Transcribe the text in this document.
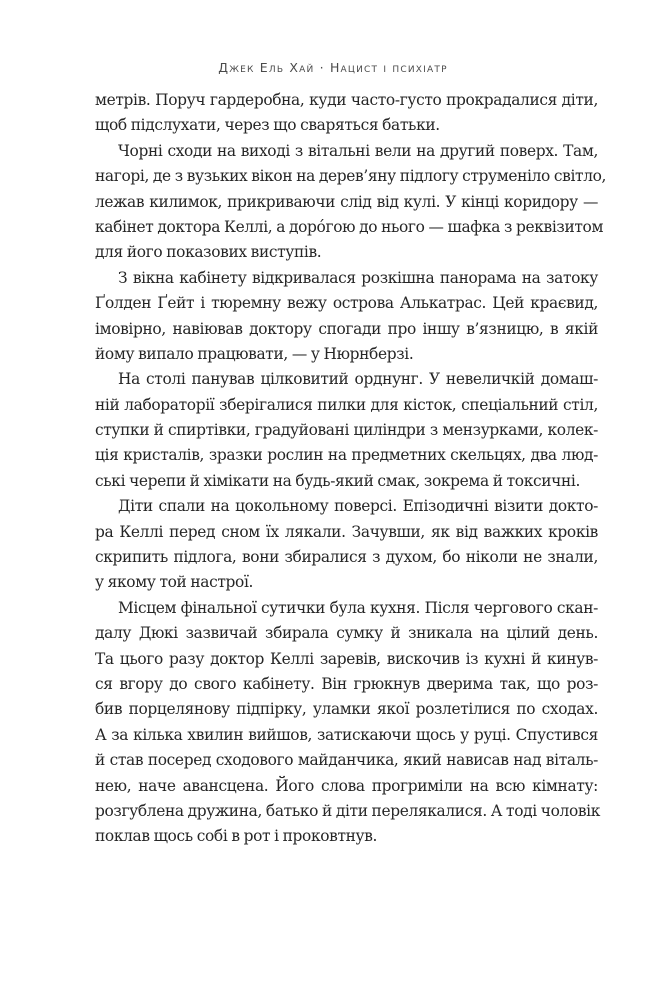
Джек Ель Хай · Нацист і психіатр
метрів. Поруч гардеробна, куди часто-густо прокрадалися діти,
щоб підслухати, через що сваряться батьки.
Чорні сходи на виході з вітальні вели на другий поверх. Там,
нагорі, де з вузьких вікон на дерев’яну підлогу струменіло світло,
лежав килимок, прикриваючи слід від кулі. У кінці коридору —
кабінет доктора Келлі, а доро́гою до нього — шафка з реквізитом
для його показових виступів.
З вікна кабінету відкривалася розкішна панорама на затоку
Ґолден Ґейт і тюремну вежу острова Алькатрас. Цей краєвид,
імовірно, навіював доктору спогади про іншу в’язницю, в якій
йому випало працювати, — у Нюрнберзі.
На столі панував цілковитий орднунг. У невеличкій домаш-
ній лабораторії зберігалися пилки для кісток, спеціальний стіл,
ступки й спиртівки, градуйовані циліндри з мензурками, колек-
ція кристалів, зразки рослин на предметних скельцях, два люд-
ські черепи й хімікати на будь-який смак, зокрема й токсичні.
Діти спали на цокольному поверсі. Епізодичні візити докто-
ра Келлі перед сном їх лякали. Зачувши, як від важких кроків
скрипить підлога, вони збиралися з духом, бо ніколи не знали,
у якому той настрої.
Місцем фінальної сутички була кухня. Після чергового скан-
далу Дюкі зазвичай збирала сумку й зникала на цілий день.
Та цього разу доктор Келлі заревів, вискочив із кухні й кинув-
ся вгору до свого кабінету. Він грюкнув дверима так, що роз-
бив порцелянову підпірку, уламки якої розлетілися по сходах.
А за кілька хвилин вийшов, затискаючи щось у руці. Спустився
й став посеред сходового майданчика, який нависав над віталь-
нею, наче авансцена. Його слова прогриміли на всю кімнату:
розгублена дружина, батько й діти перелякалися. А тоді чоловік
поклав щось собі в рот і проковтнув.
